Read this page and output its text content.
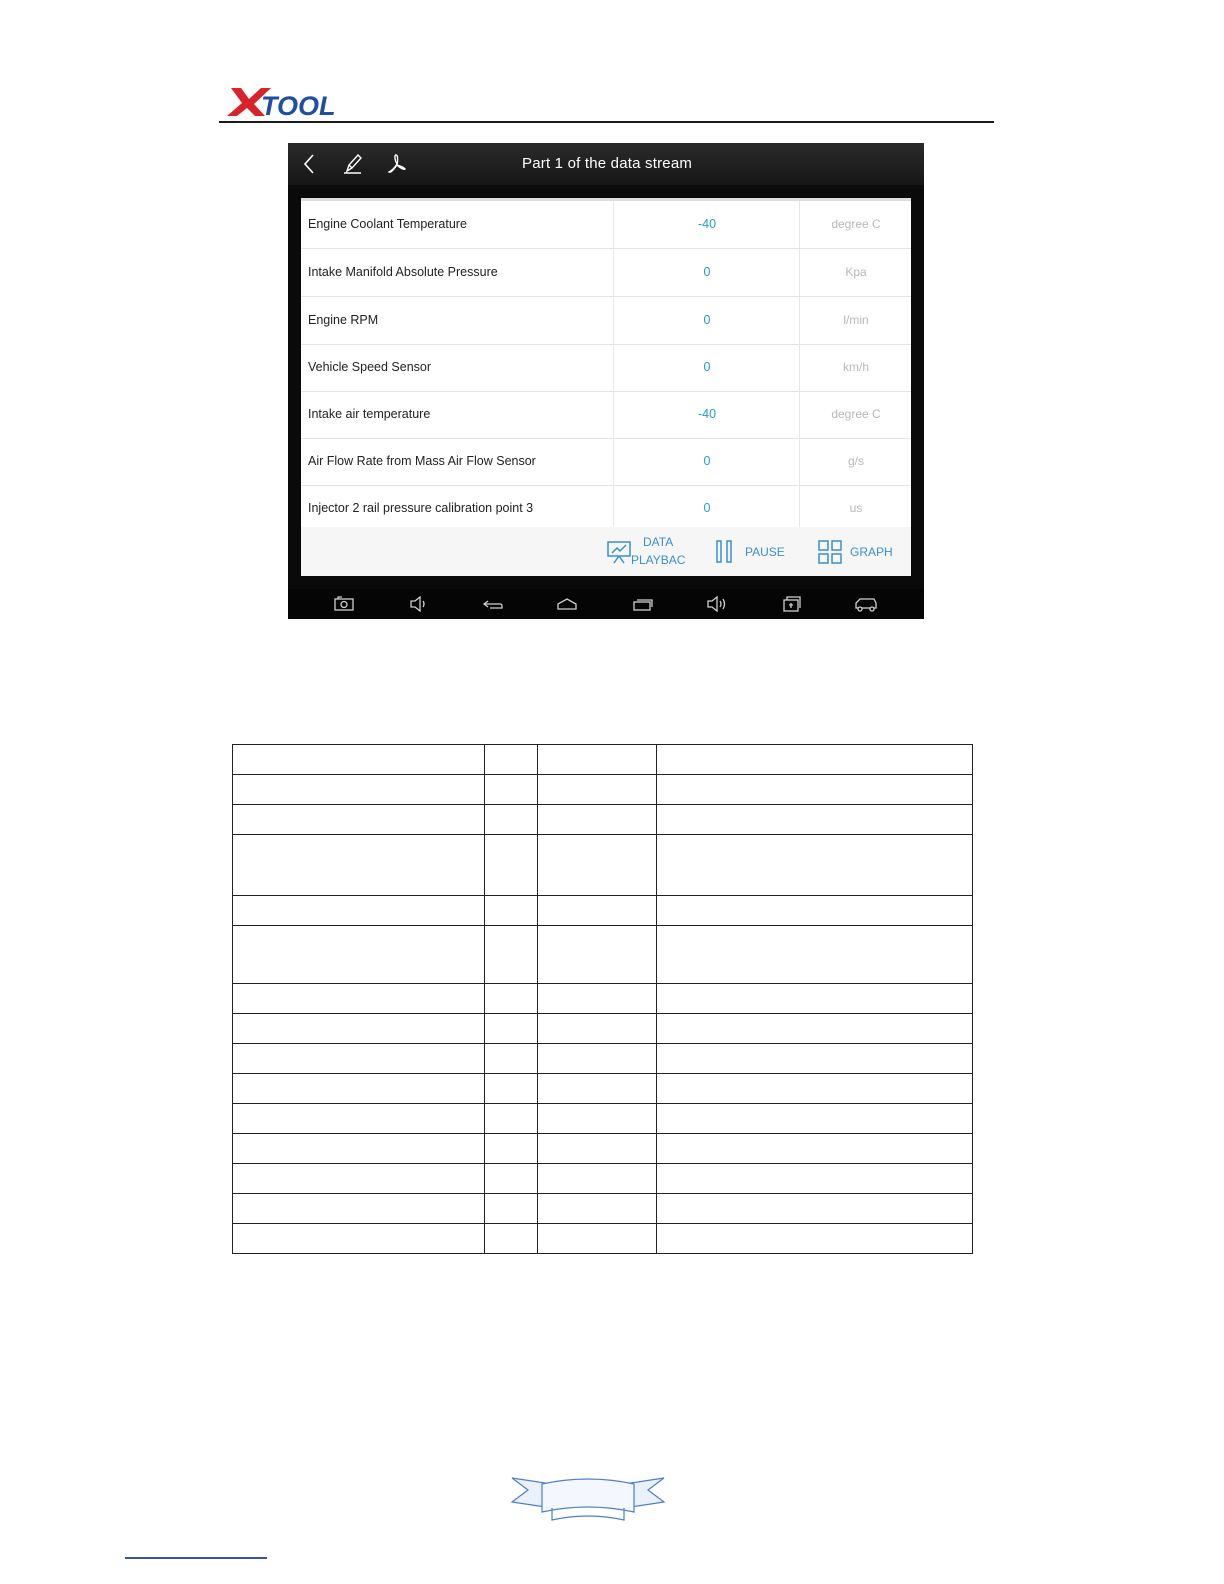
TOOL
Part 1 of the data stream
Engine Coolant Temperature	-40	degree C
Intake Manifold Absolute Pressure	0	Kpa
Engine RPM	0	l/min
Vehicle Speed Sensor	0	km/h
Intake air temperature	-40	degree C
Air Flow Rate from Mass Air Flow Sensor	0	g/s
Injector 2 rail pressure calibration point 3	0	us
DATA
PLAYBAC
PAUSE	GRAPH
